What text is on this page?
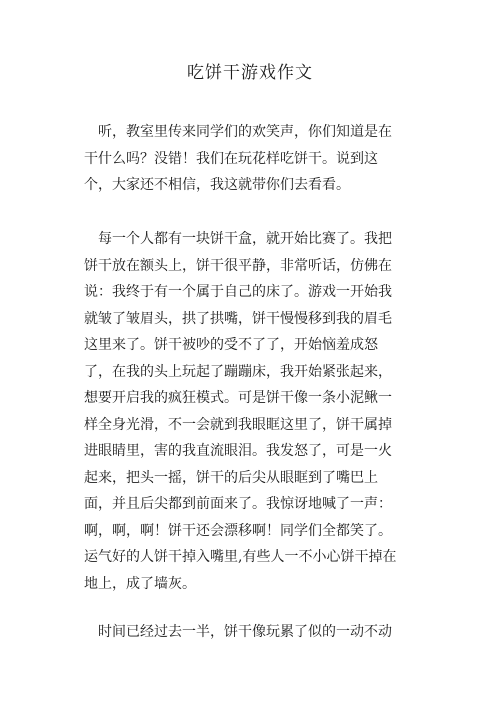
吃饼干游戏作文

听，教室里传来同学们的欢笑声，你们知道是在干什么吗？没错！我们在玩花样吃饼干。说到这个，大家还不相信，我这就带你们去看看。

每一个人都有一块饼干盒，就开始比赛了。我把饼干放在额头上，饼干很平静，非常听话，仿佛在说：我终于有一个属于自己的床了。游戏一开始我就皱了皱眉头，拱了拱嘴，饼干慢慢移到我的眉毛这里来了。饼干被吵的受不了了，开始恼羞成怒了，在我的头上玩起了蹦蹦床，我开始紧张起来，想要开启我的疯狂模式。可是饼干像一条小泥鳅一样全身光滑，不一会就到我眼眶这里了，饼干属掉进眼睛里，害的我直流眼泪。我发怒了，可是一火起来，把头一摇，饼干的后尖从眼眶到了嘴巴上面，并且后尖都到前面来了。我惊讶地喊了一声：啊，啊，啊！饼干还会漂移啊！同学们全都笑了。运气好的人饼干掉入嘴里,有些人一不小心饼干掉在地上，成了墙灰。

时间已经过去一半，饼干像玩累了似的一动不动
